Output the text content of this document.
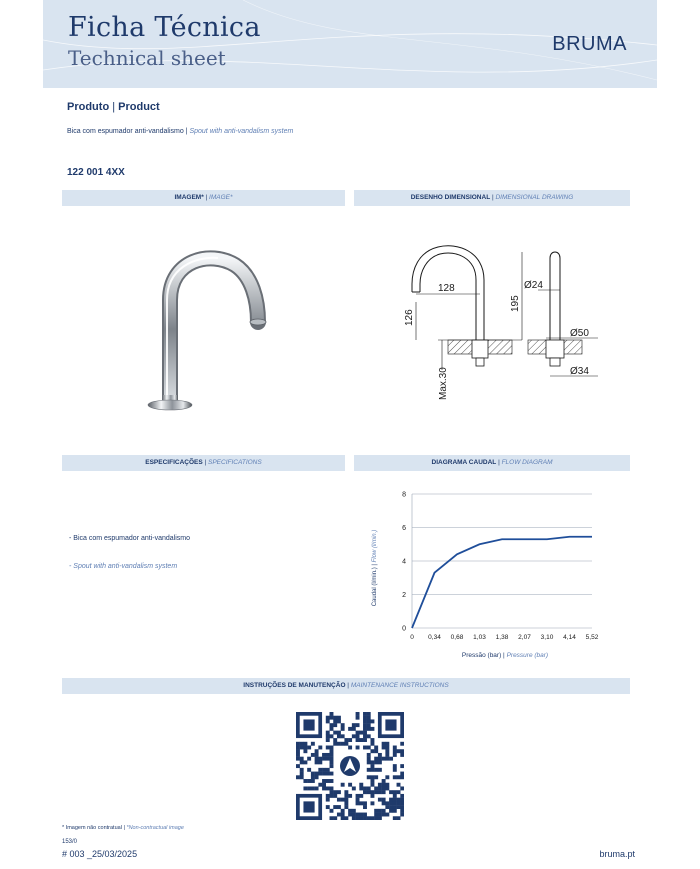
Ficha Técnica
Technical sheet
BRUMA
Produto | Product
Bica com espumador anti-vandalismo | Spout with anti-vandalism system
122 001 4XX
IMAGEM* | IMAGE*	DESENHO DIMENSIONAL | DIMENSIONAL DRAWING
ESPECIFICAÇÕES | SPECIFICATIONS	DIAGRAMA CAUDAL | FLOW DIAGRAM
INSTRUÇÕES DE MANUTENÇÃO | MAINTENANCE INSTRUCTIONS
128
126
Max.30
195
Ø24
Ø50
Ø34
- Bica com espumador anti-vandalismo
- Spout with anti-vandalism system
0
2
4
6
8
0 0,34 0,68 1,03 1,38 2,07 3,10 4,14 5,52
Caudal (l/min.) | Flow (l/min.)
Pressão (bar) | Pressure (bar)
* Imagem não contratual | *Non-contractual image
153/0
# 003 _25/03/2025	bruma.pt
